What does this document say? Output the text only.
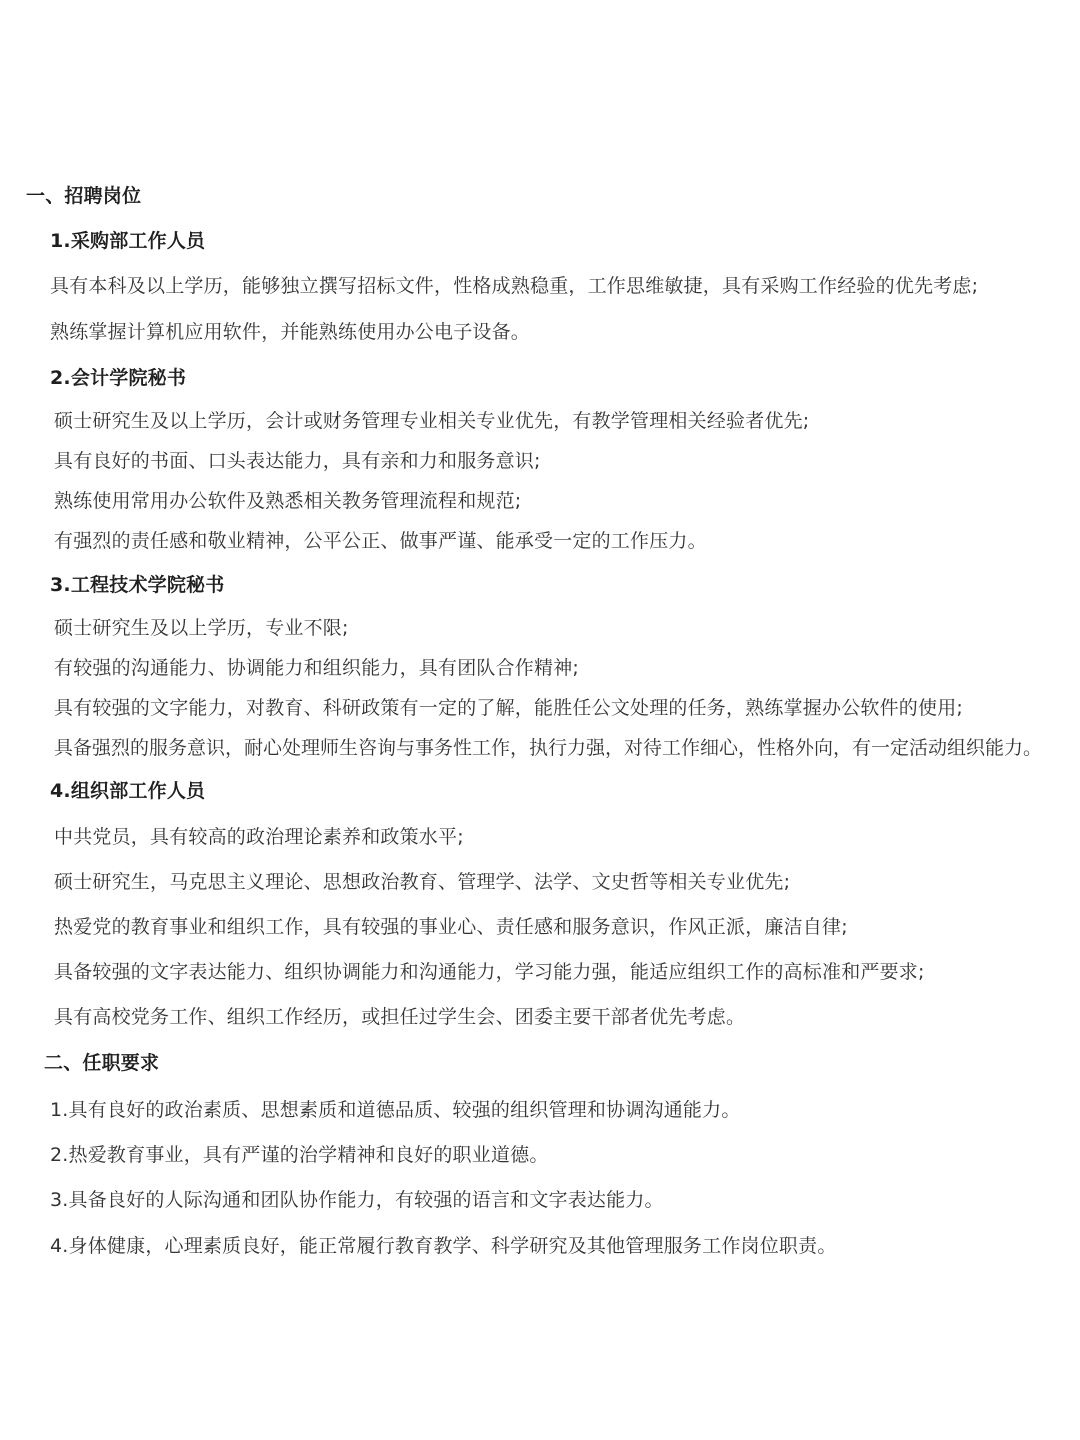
一、招聘岗位
1.采购部工作人员
具有本科及以上学历，能够独立撰写招标文件，性格成熟稳重，工作思维敏捷，具有采购工作经验的优先考虑;
熟练掌握计算机应用软件，并能熟练使用办公电子设备。
2.会计学院秘书
硕士研究生及以上学历，会计或财务管理专业相关专业优先，有教学管理相关经验者优先;
具有良好的书面、口头表达能力，具有亲和力和服务意识;
熟练使用常用办公软件及熟悉相关教务管理流程和规范;
有强烈的责任感和敬业精神，公平公正、做事严谨、能承受一定的工作压力。
3.工程技术学院秘书
硕士研究生及以上学历，专业不限;
有较强的沟通能力、协调能力和组织能力，具有团队合作精神;
具有较强的文字能力，对教育、科研政策有一定的了解，能胜任公文处理的任务，熟练掌握办公软件的使用;
具备强烈的服务意识，耐心处理师生咨询与事务性工作，执行力强，对待工作细心，性格外向，有一定活动组织能力。
4.组织部工作人员
中共党员，具有较高的政治理论素养和政策水平;
硕士研究生，马克思主义理论、思想政治教育、管理学、法学、文史哲等相关专业优先;
热爱党的教育事业和组织工作，具有较强的事业心、责任感和服务意识，作风正派，廉洁自律;
具备较强的文字表达能力、组织协调能力和沟通能力，学习能力强，能适应组织工作的高标准和严要求;
具有高校党务工作、组织工作经历，或担任过学生会、团委主要干部者优先考虑。
二、任职要求
1.具有良好的政治素质、思想素质和道德品质、较强的组织管理和协调沟通能力。
2.热爱教育事业，具有严谨的治学精神和良好的职业道德。
3.具备良好的人际沟通和团队协作能力，有较强的语言和文字表达能力。
4.身体健康，心理素质良好，能正常履行教育教学、科学研究及其他管理服务工作岗位职责。
